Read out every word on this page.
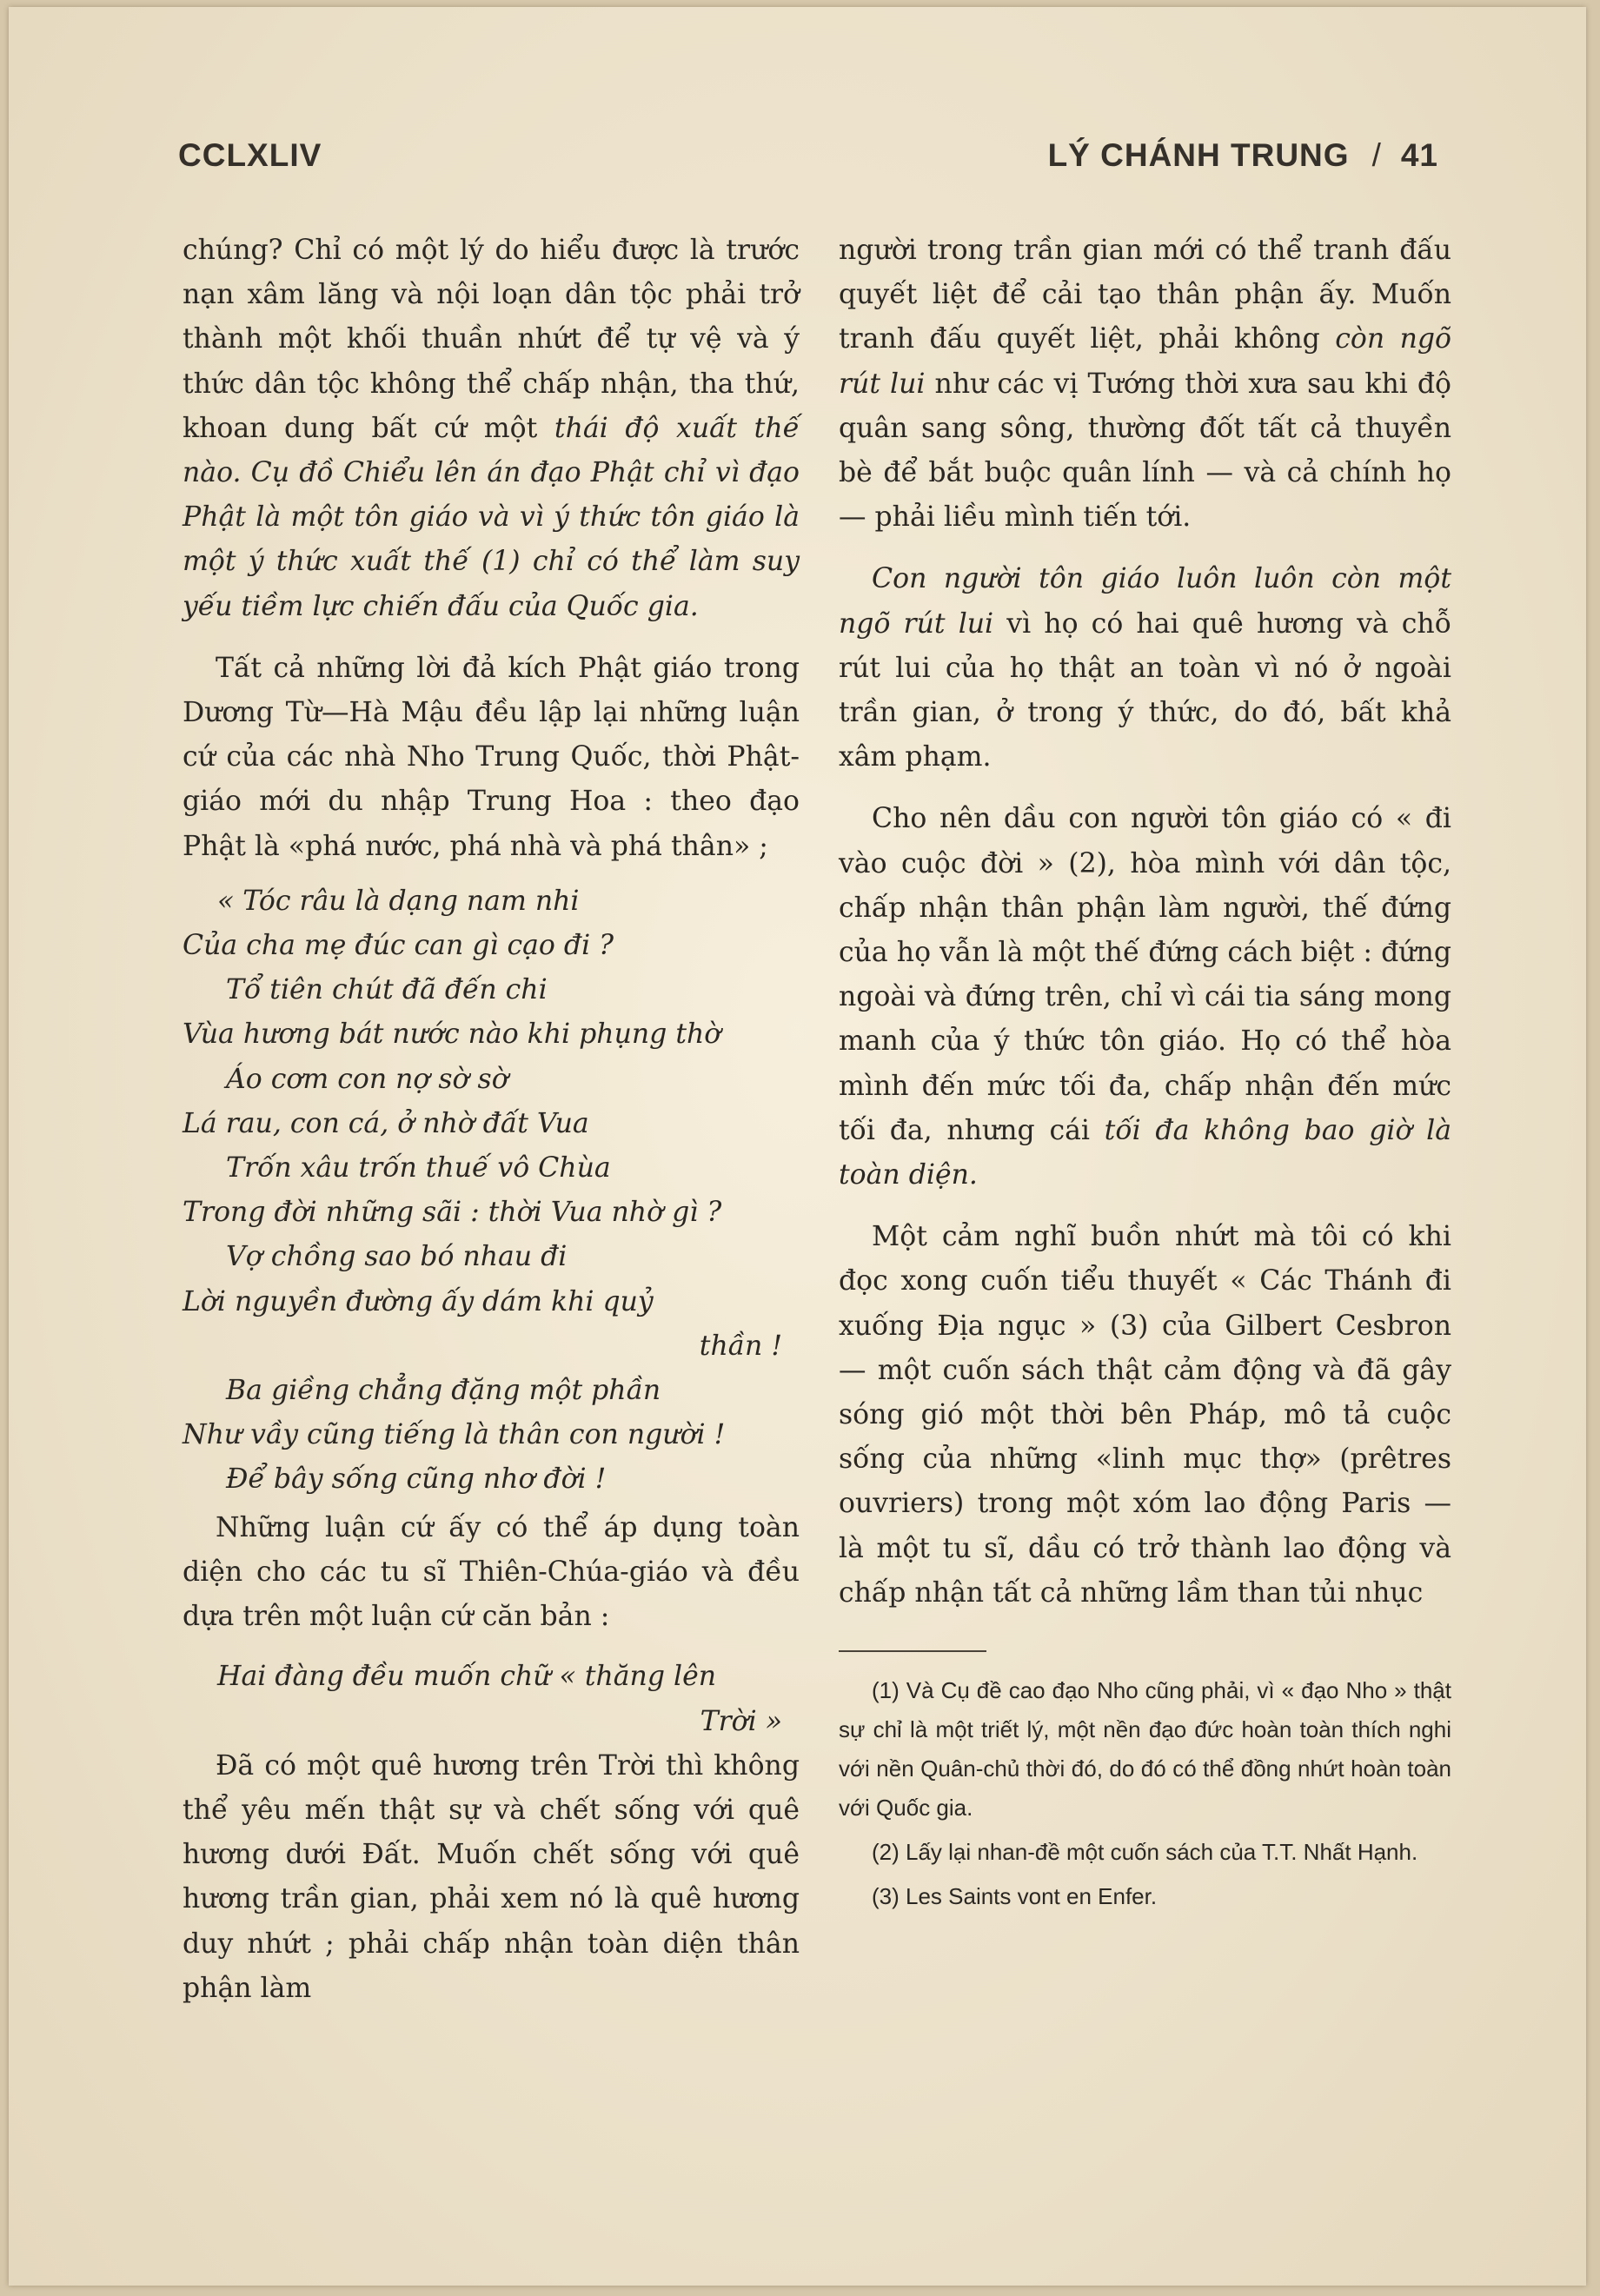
CCLXLIV	LÝ CHÁNH TRUNG / 41

chúng? Chỉ có một lý do hiểu được là trước nạn xâm lăng và nội loạn dân tộc phải trở thành một khối thuần nhứt để tự vệ và ý thức dân tộc không thể chấp nhận, tha thứ, khoan dung bất cứ một thái độ xuất thế nào. Cụ đồ Chiểu lên án đạo Phật chỉ vì đạo Phật là một tôn giáo và vì ý thức tôn giáo là một ý thức xuất thế (1) chỉ có thể làm suy yếu tiềm lực chiến đấu của Quốc gia.

Tất cả những lời đả kích Phật giáo trong Dương Từ—Hà Mậu đều lập lại những luận cứ của các nhà Nho Trung Quốc, thời Phật-giáo mới du nhập Trung Hoa : theo đạo Phật là «phá nước, phá nhà và phá thân» ;

« Tóc râu là dạng nam nhi
Của cha mẹ đúc can gì cạo đi ?
Tổ tiên chút đã đến chi
Vùa hương bát nước nào khi phụng thờ
Áo cơm con nợ sờ sờ
Lá rau, con cá, ở nhờ đất Vua
Trốn xâu trốn thuế vô Chùa
Trong đời những sãi : thời Vua nhờ gì ?
Vợ chồng sao bó nhau đi
Lời nguyền đường ấy dám khi quỷ
thần !
Ba giềng chẳng đặng một phần
Như vầy cũng tiếng là thân con người !
Để bây sống cũng nhơ đời !

Những luận cứ ấy có thể áp dụng toàn diện cho các tu sĩ Thiên-Chúa-giáo và đều dựa trên một luận cứ căn bản :

Hai đàng đều muốn chữ « thăng lên
Trời »

Đã có một quê hương trên Trời thì không thể yêu mến thật sự và chết sống với quê hương dưới Đất. Muốn chết sống với quê hương trần gian, phải xem nó là quê hương duy nhứt ; phải chấp nhận toàn diện thân phận làm

người trong trần gian mới có thể tranh đấu quyết liệt để cải tạo thân phận ấy. Muốn tranh đấu quyết liệt, phải không còn ngõ rút lui như các vị Tướng thời xưa sau khi độ quân sang sông, thường đốt tất cả thuyền bè để bắt buộc quân lính — và cả chính họ — phải liều mình tiến tới.

Con người tôn giáo luôn luôn còn một ngõ rút lui vì họ có hai quê hương và chỗ rút lui của họ thật an toàn vì nó ở ngoài trần gian, ở trong ý thức, do đó, bất khả xâm phạm.

Cho nên dầu con người tôn giáo có « đi vào cuộc đời » (2), hòa mình với dân tộc, chấp nhận thân phận làm người, thế đứng của họ vẫn là một thế đứng cách biệt : đứng ngoài và đứng trên, chỉ vì cái tia sáng mong manh của ý thức tôn giáo. Họ có thể hòa mình đến mức tối đa, chấp nhận đến mức tối đa, nhưng cái tối đa không bao giờ là toàn diện.

Một cảm nghĩ buồn nhứt mà tôi có khi đọc xong cuốn tiểu thuyết « Các Thánh đi xuống Địa ngục » (3) của Gilbert Cesbron — một cuốn sách thật cảm động và đã gây sóng gió một thời bên Pháp, mô tả cuộc sống của những «linh mục thợ» (prêtres ouvriers) trong một xóm lao động Paris — là một tu sĩ, dầu có trở thành lao động và chấp nhận tất cả những lầm than tủi nhục

(1) Và Cụ đề cao đạo Nho cũng phải, vì « đạo Nho » thật sự chỉ là một triết lý, một nền đạo đức hoàn toàn thích nghi với nền Quân-chủ thời đó, do đó có thể đồng nhứt hoàn toàn với Quốc gia.

(2) Lấy lại nhan-đề một cuốn sách của T.T. Nhất Hạnh.

(3) Les Saints vont en Enfer.
